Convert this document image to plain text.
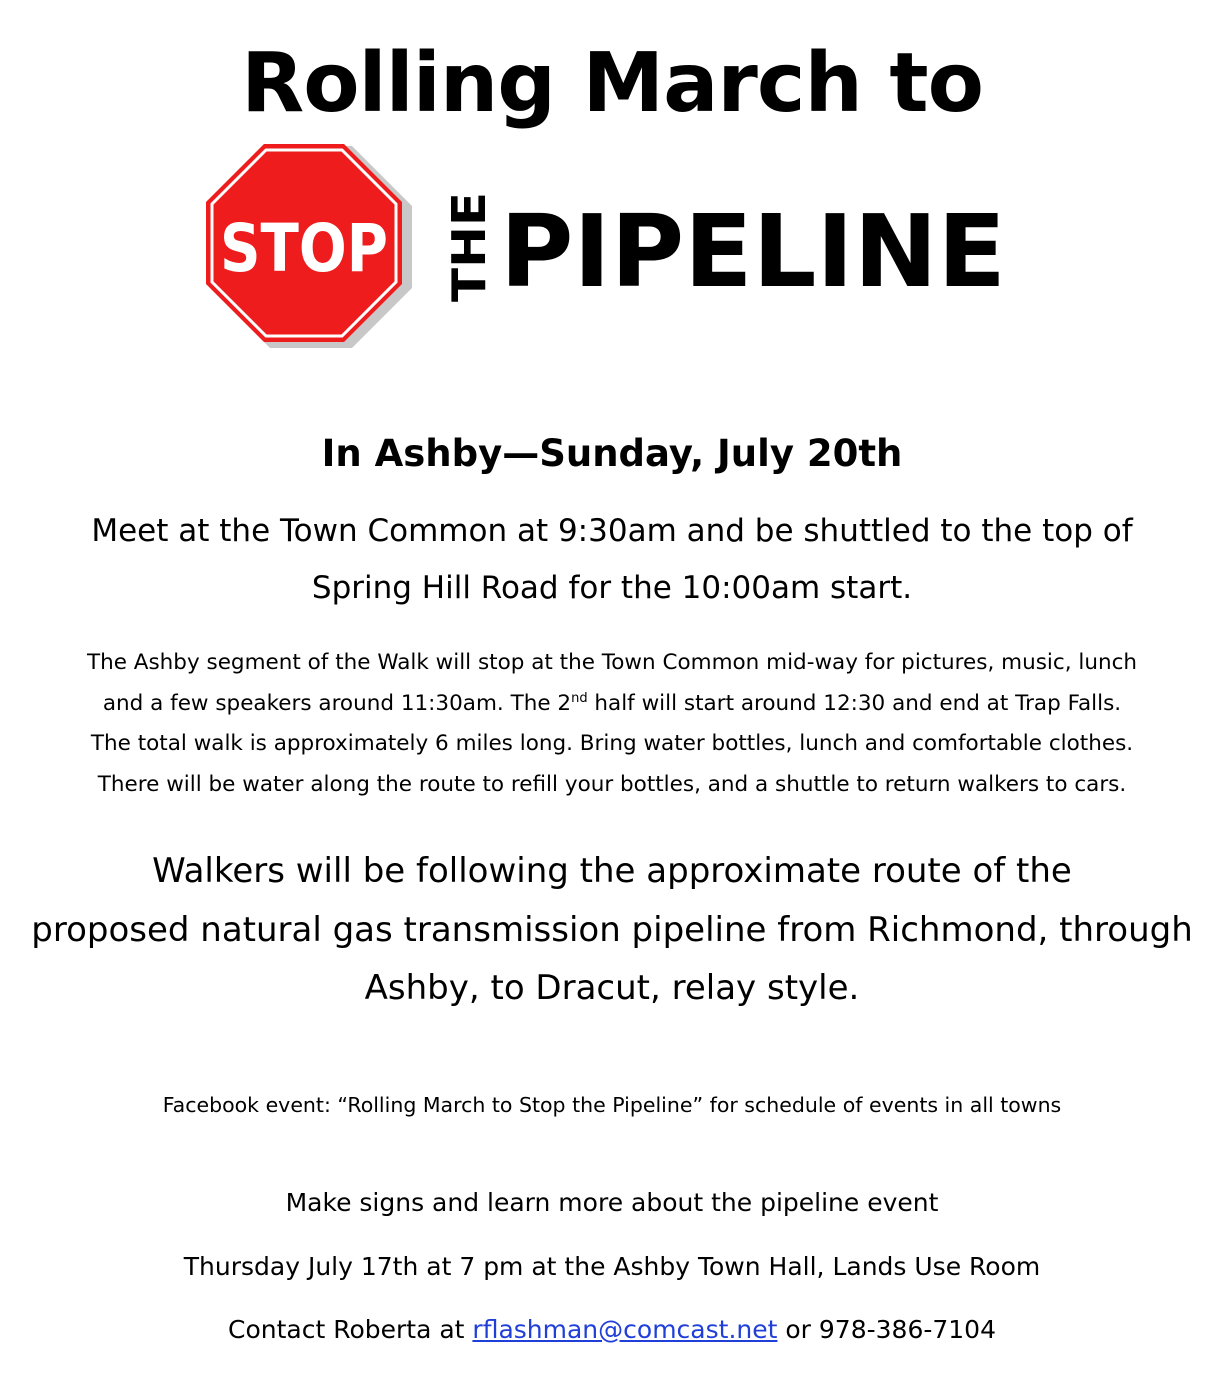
Rolling March to
STOP THE PIPELINE
In Ashby—Sunday, July 20th
Meet at the Town Common at 9:30am and be shuttled to the top of
Spring Hill Road for the 10:00am start.
The Ashby segment of the Walk will stop at the Town Common mid-way for pictures, music, lunch
and a few speakers around 11:30am. The 2nd half will start around 12:30 and end at Trap Falls.
The total walk is approximately 6 miles long. Bring water bottles, lunch and comfortable clothes.
There will be water along the route to refill your bottles, and a shuttle to return walkers to cars.
Walkers will be following the approximate route of the
proposed natural gas transmission pipeline from Richmond, through
Ashby, to Dracut, relay style.
Facebook event: “Rolling March to Stop the Pipeline” for schedule of events in all towns
Make signs and learn more about the pipeline event
Thursday July 17th at 7 pm at the Ashby Town Hall, Lands Use Room
Contact Roberta at rflashman@comcast.net or 978-386-7104
